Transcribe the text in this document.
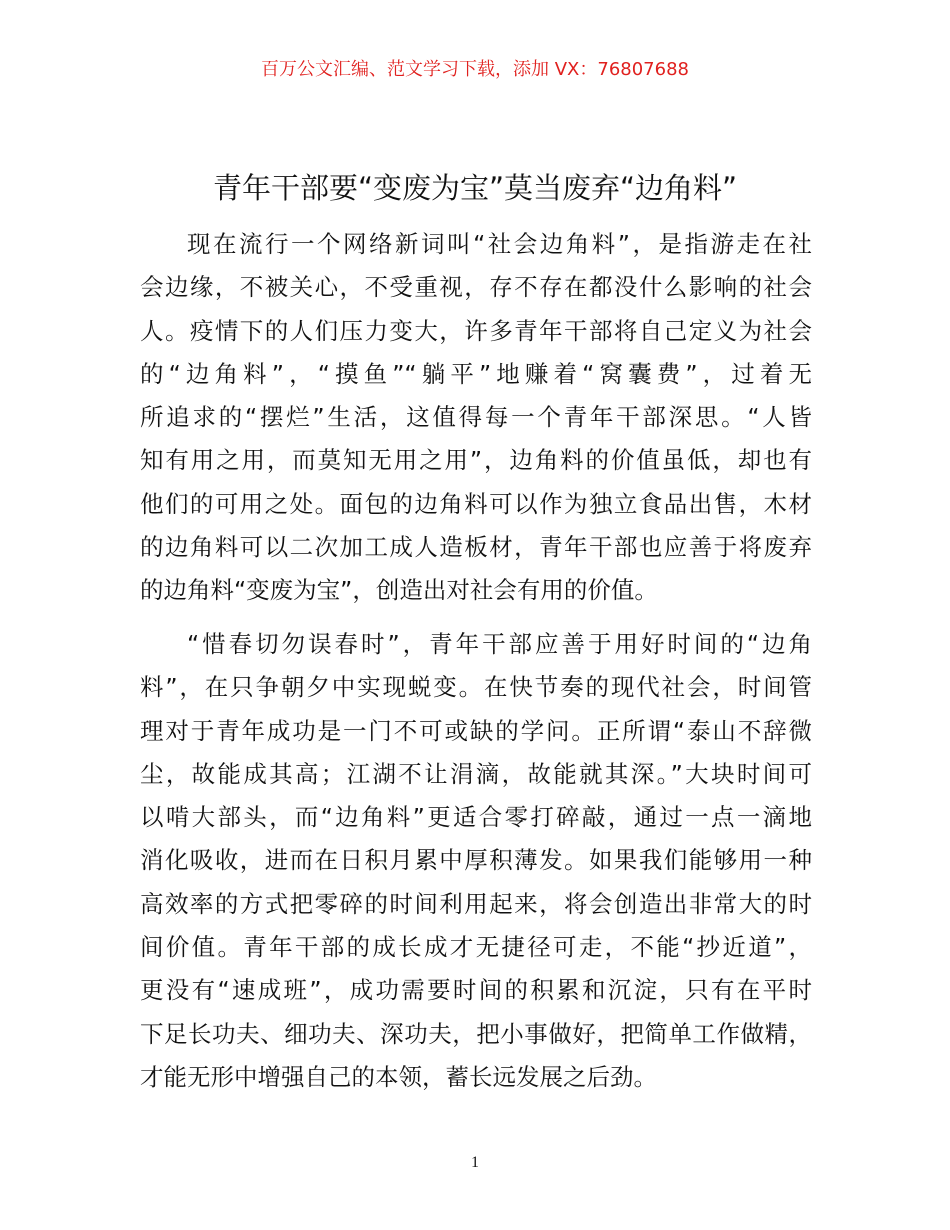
百万公文汇编、范文学习下载，添加 VX：76807688
青年干部要“变废为宝”莫当废弃“边角料”
现在流行一个网络新词叫“社会边角料”，是指游走在社
会边缘，不被关心，不受重视，存不存在都没什么影响的社会
人。疫情下的人们压力变大，许多青年干部将自己定义为社会
的“边角料”，“摸鱼”“躺平”地赚着“窝囊费”，过着无
所追求的“摆烂”生活，这值得每一个青年干部深思。“人皆
知有用之用，而莫知无用之用”，边角料的价值虽低，却也有
他们的可用之处。面包的边角料可以作为独立食品出售，木材
的边角料可以二次加工成人造板材，青年干部也应善于将废弃
的边角料“变废为宝”，创造出对社会有用的价值。
“惜春切勿误春时”，青年干部应善于用好时间的“边角
料”，在只争朝夕中实现蜕变。在快节奏的现代社会，时间管
理对于青年成功是一门不可或缺的学问。正所谓“泰山不辞微
尘，故能成其高；江湖不让涓滴，故能就其深。”大块时间可
以啃大部头，而“边角料”更适合零打碎敲，通过一点一滴地
消化吸收，进而在日积月累中厚积薄发。如果我们能够用一种
高效率的方式把零碎的时间利用起来，将会创造出非常大的时
间价值。青年干部的成长成才无捷径可走，不能“抄近道”，
更没有“速成班”，成功需要时间的积累和沉淀，只有在平时
下足长功夫、细功夫、深功夫，把小事做好，把简单工作做精，
才能无形中增强自己的本领，蓄长远发展之后劲。
1
